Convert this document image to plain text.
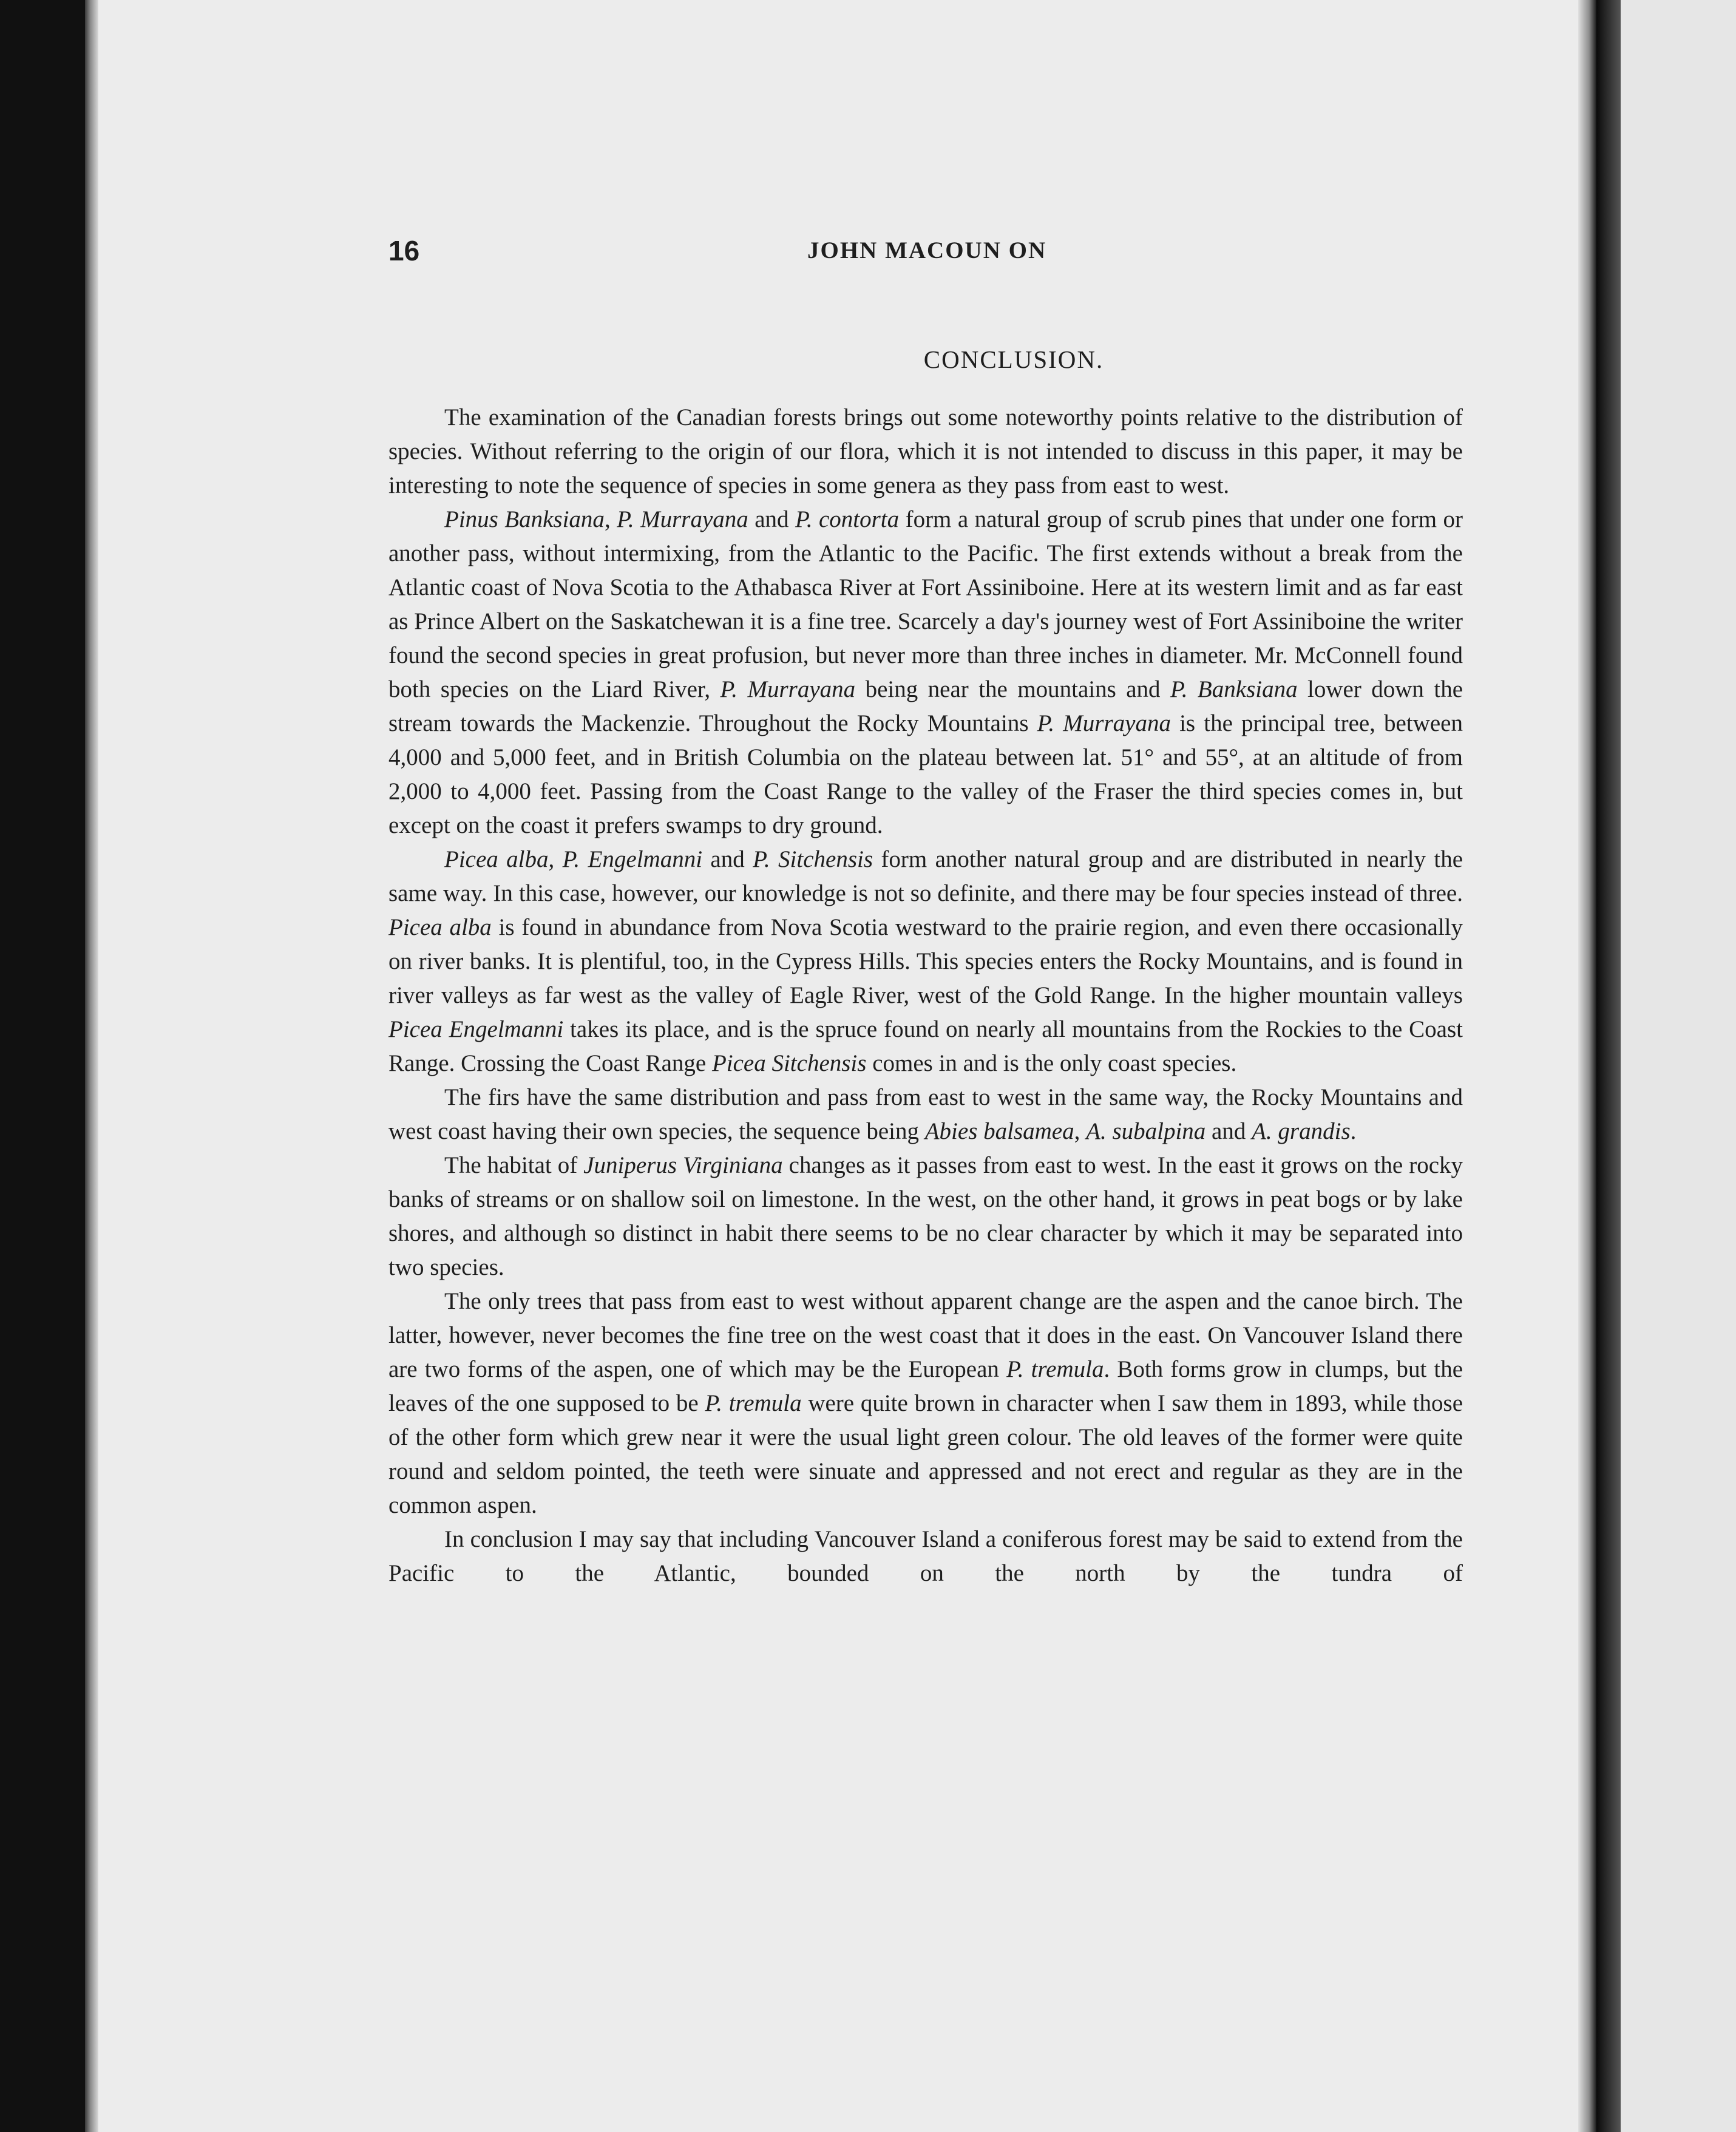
16	JOHN MACOUN ON
CONCLUSION.

The examination of the Canadian forests brings out some noteworthy points relative to the distribution of species. Without referring to the origin of our flora, which it is not intended to discuss in this paper, it may be interesting to note the sequence of species in some genera as they pass from east to west.

Pinus Banksiana, P. Murrayana and P. contorta form a natural group of scrub pines that under one form or another pass, without intermixing, from the Atlantic to the Pacific. The first extends without a break from the Atlantic coast of Nova Scotia to the Athabasca River at Fort Assiniboine. Here at its western limit and as far east as Prince Albert on the Saskatchewan it is a fine tree. Scarcely a day's journey west of Fort Assiniboine the writer found the second species in great profusion, but never more than three inches in diameter. Mr. McConnell found both species on the Liard River, P. Murrayana being near the mountains and P. Banksiana lower down the stream towards the Mackenzie. Throughout the Rocky Mountains P. Murrayana is the principal tree, between 4,000 and 5,000 feet, and in British Columbia on the plateau between lat. 51° and 55°, at an altitude of from 2,000 to 4,000 feet. Passing from the Coast Range to the valley of the Fraser the third species comes in, but except on the coast it prefers swamps to dry ground.

Picea alba, P. Engelmanni and P. Sitchensis form another natural group and are distributed in nearly the same way. In this case, however, our knowledge is not so definite, and there may be four species instead of three. Picea alba is found in abundance from Nova Scotia westward to the prairie region, and even there occasionally on river banks. It is plentiful, too, in the Cypress Hills. This species enters the Rocky Mountains, and is found in river valleys as far west as the valley of Eagle River, west of the Gold Range. In the higher mountain valleys Picea Engelmanni takes its place, and is the spruce found on nearly all mountains from the Rockies to the Coast Range. Crossing the Coast Range Picea Sitchensis comes in and is the only coast species.

The firs have the same distribution and pass from east to west in the same way, the Rocky Mountains and west coast having their own species, the sequence being Abies balsamea, A. subalpina and A. grandis.

The habitat of Juniperus Virginiana changes as it passes from east to west. In the east it grows on the rocky banks of streams or on shallow soil on limestone. In the west, on the other hand, it grows in peat bogs or by lake shores, and although so distinct in habit there seems to be no clear character by which it may be separated into two species.

The only trees that pass from east to west without apparent change are the aspen and the canoe birch. The latter, however, never becomes the fine tree on the west coast that it does in the east. On Vancouver Island there are two forms of the aspen, one of which may be the European P. tremula. Both forms grow in clumps, but the leaves of the one supposed to be P. tremula were quite brown in character when I saw them in 1893, while those of the other form which grew near it were the usual light green colour. The old leaves of the former were quite round and seldom pointed, the teeth were sinuate and appressed and not erect and regular as they are in the common aspen.

In conclusion I may say that including Vancouver Island a coniferous forest may be said to extend from the Pacific to the Atlantic, bounded on the north by the tundra of
